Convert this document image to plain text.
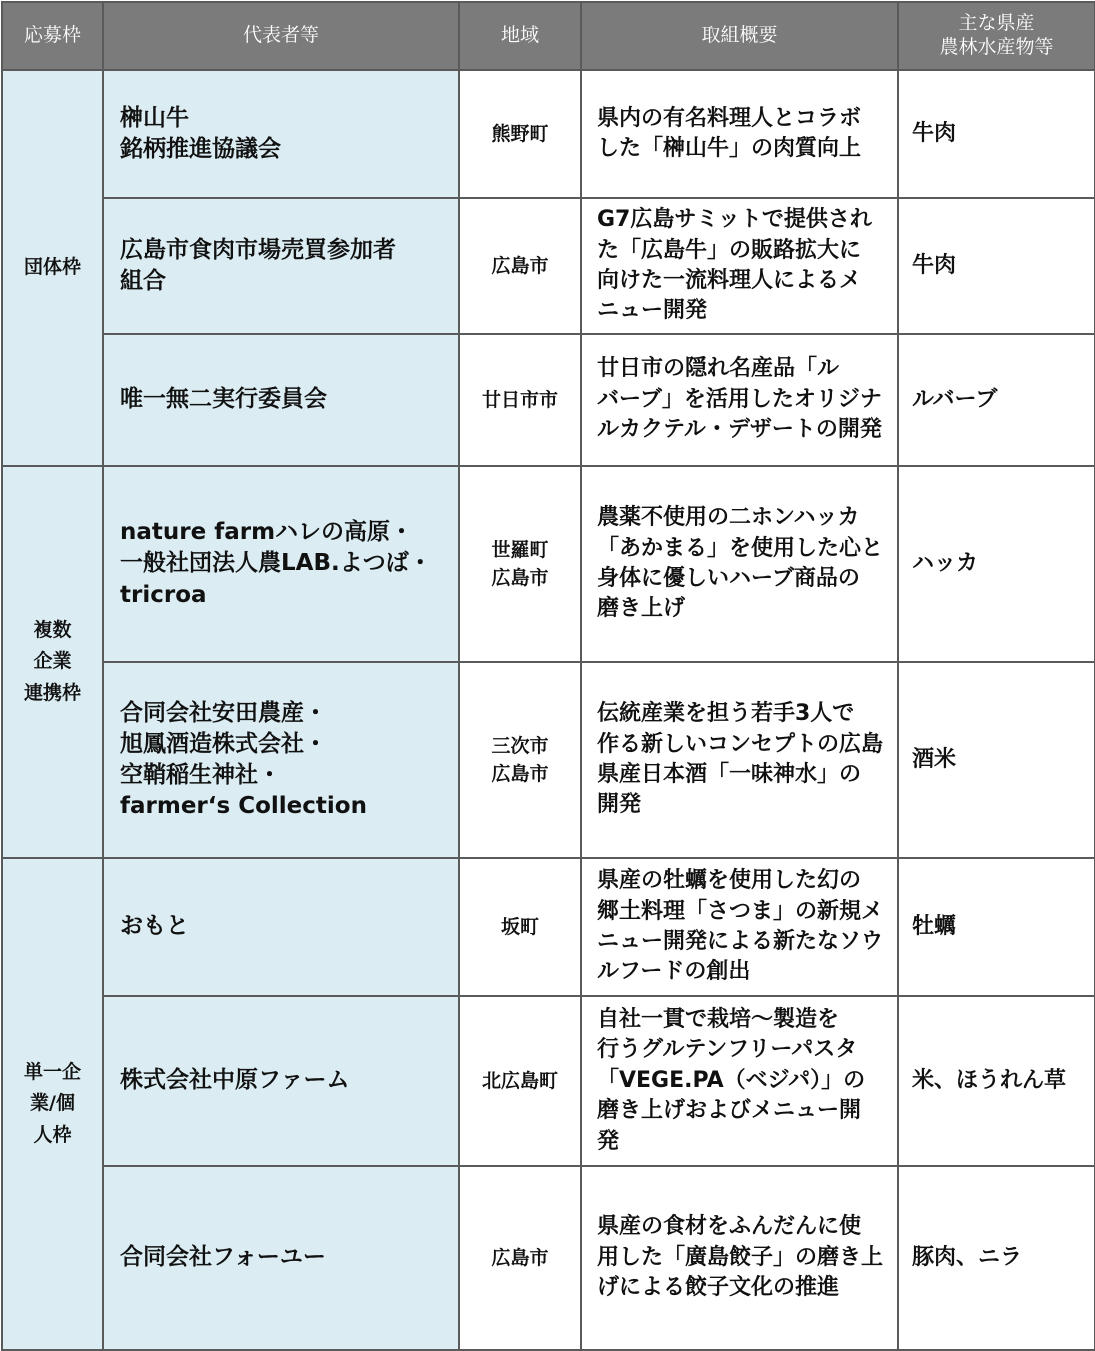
応募枠	代表者等	地域	取組概要	主な県産
農林水産物等

団体枠	榊山牛
銘柄推進協議会	熊野町	県内の有名料理人とコラボ
した「榊山牛」の肉質向上	牛肉

	広島市食肉市場売買参加者
組合	広島市	G7広島サミットで提供され
た「広島牛」の販路拡大に
向けた一流料理人によるメ
ニュー開発	牛肉

	唯一無二実行委員会	廿日市市	廿日市の隠れ名産品「ル
バーブ」を活用したオリジナ
ルカクテル・デザートの開発	ルバーブ

複数
企業
連携枠	nature farmハレの高原・
一般社団法人農LAB.よつば・
tricroa	世羅町
広島市	農薬不使用の二ホンハッカ
「あかまる」を使用した心と
身体に優しいハーブ商品の
磨き上げ	ハッカ

	合同会社安田農産・
旭鳳酒造株式会社・
空鞘稲生神社・
farmer‘s Collection	三次市
広島市	伝統産業を担う若手3人で
作る新しいコンセプトの広島
県産日本酒「一味神水」の
開発	酒米

単一企
業/個
人枠	おもと	坂町	県産の牡蠣を使用した幻の
郷土料理「さつま」の新規メ
ニュー開発による新たなソウ
ルフードの創出	牡蠣

	株式会社中原ファーム	北広島町	自社一貫で栽培～製造を
行うグルテンフリーパスタ
「VEGE.PA（ベジパ）」の
磨き上げおよびメニュー開
発	米、ほうれん草

	合同会社フォーユー	広島市	県産の食材をふんだんに使
用した「廣島餃子」の磨き上
げによる餃子文化の推進	豚肉、ニラ
